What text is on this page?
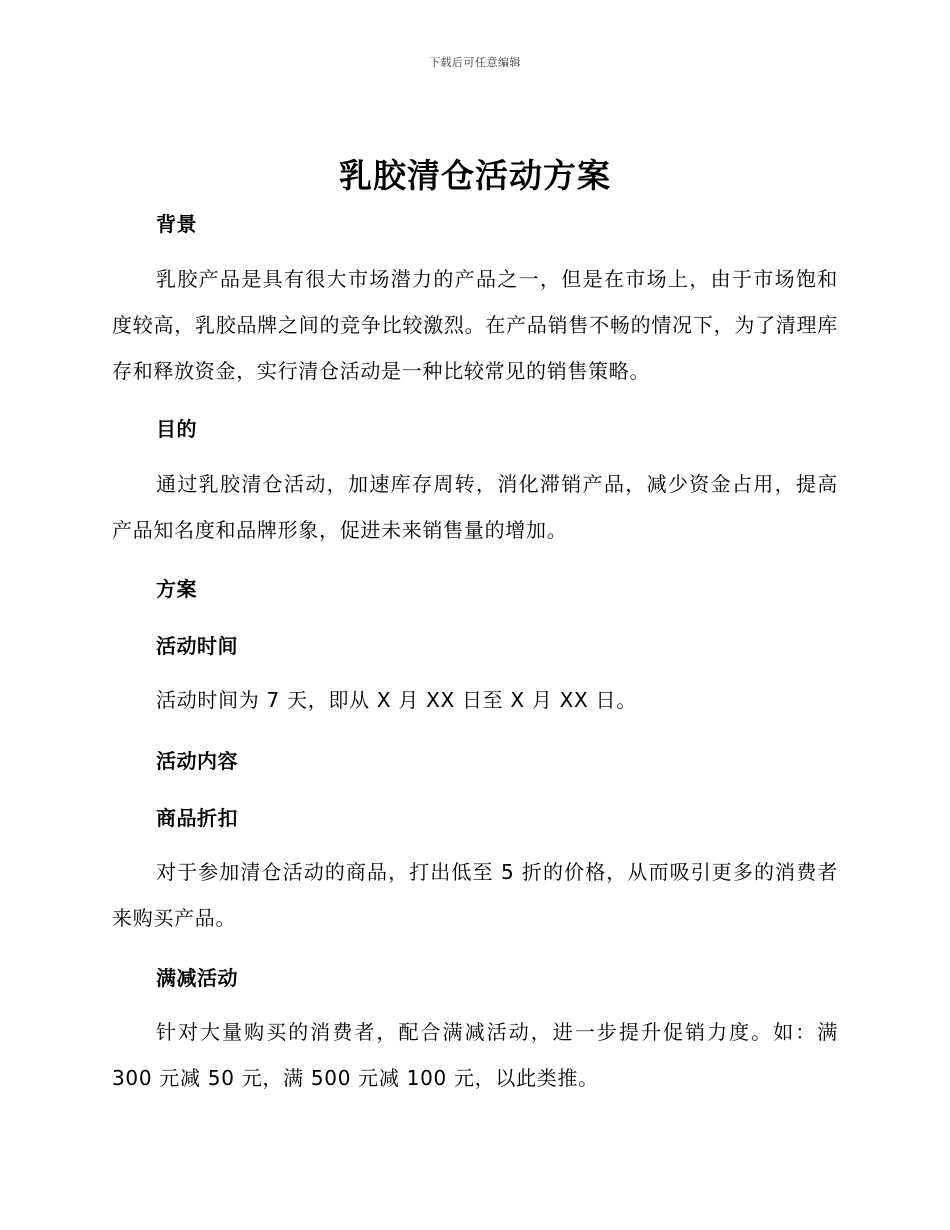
下载后可任意编辑
乳胶清仓活动方案
背景
乳胶产品是具有很大市场潜力的产品之一，但是在市场上，由于市场饱和度较高，乳胶品牌之间的竞争比较激烈。在产品销售不畅的情况下，为了清理库存和释放资金，实行清仓活动是一种比较常见的销售策略。
目的
通过乳胶清仓活动，加速库存周转，消化滞销产品，减少资金占用，提高产品知名度和品牌形象，促进未来销售量的增加。
方案
活动时间
活动时间为 7 天，即从 X 月 XX 日至 X 月 XX 日。
活动内容
商品折扣
对于参加清仓活动的商品，打出低至 5 折的价格，从而吸引更多的消费者来购买产品。
满减活动
针对大量购买的消费者，配合满减活动，进一步提升促销力度。如：满 300 元减 50 元，满 500 元减 100 元，以此类推。
